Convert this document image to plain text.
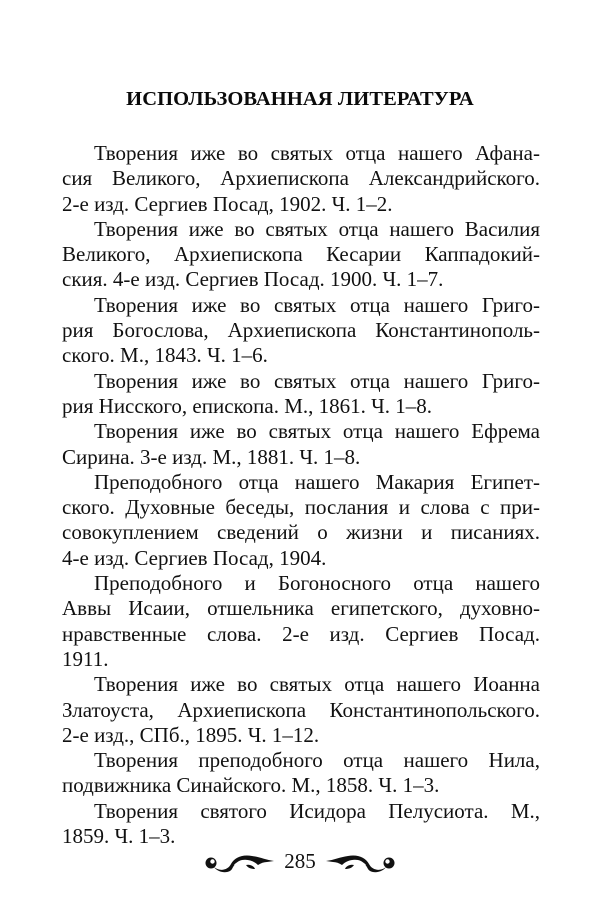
ИСПОЛЬЗОВАННАЯ ЛИТЕРАТУРА
Творения иже во святых отца нашего Афана-
сия Великого, Архиепископа Александрийского.
2-е изд. Сергиев Посад, 1902. Ч. 1–2.
Творения иже во святых отца нашего Василия
Великого, Архиепископа Кесарии Каппадокий-
ския. 4-е изд. Сергиев Посад. 1900. Ч. 1–7.
Творения иже во святых отца нашего Григо-
рия Богослова, Архиепископа Константинополь-
ского. М., 1843. Ч. 1–6.
Творения иже во святых отца нашего Григо-
рия Нисского, епископа. М., 1861. Ч. 1–8.
Творения иже во святых отца нашего Ефрема
Сирина. 3-е изд. М., 1881. Ч. 1–8.
Преподобного отца нашего Макария Египет-
ского. Духовные беседы, послания и слова с при-
совокуплением сведений о жизни и писаниях.
4-е изд. Сергиев Посад, 1904.
Преподобного и Богоносного отца нашего
Аввы Исаии, отшельника египетского, духовно-
нравственные слова. 2-е изд. Сергиев Посад.
1911.
Творения иже во святых отца нашего Иоанна
Златоуста, Архиепископа Константинопольского.
2-е изд., СПб., 1895. Ч. 1–12.
Творения преподобного отца нашего Нила,
подвижника Синайского. М., 1858. Ч. 1–3.
Творения святого Исидора Пелусиота. М.,
1859. Ч. 1–3.
285
